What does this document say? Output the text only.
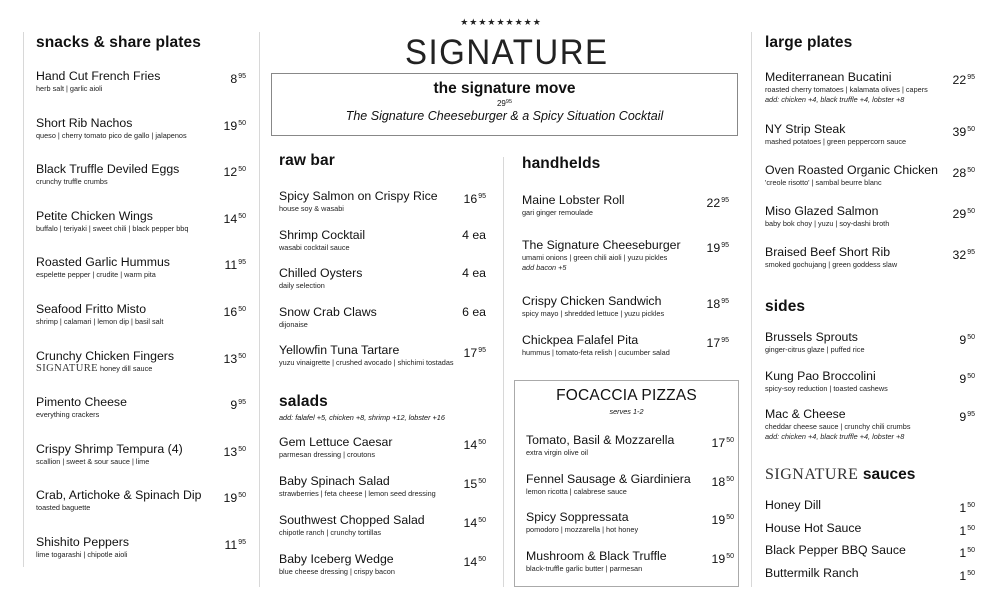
snacks & share plates
Hand Cut French Fries
herb salt | garlic aioli
$8^{95}$
Short Rib Nachos
queso | cherry tomato pico de gallo | jalapenos
$19^{50}$
Black Truffle Deviled Eggs
crunchy truffle crumbs
$12^{50}$
Petite Chicken Wings
buffalo | teriyaki | sweet chili | black pepper bbq
$14^{50}$
Roasted Garlic Hummus
espelette pepper | crudite | warm pita
$11^{95}$
Seafood Fritto Misto
shrimp | calamari | lemon dip | basil salt
$16^{50}$
Crunchy Chicken Fingers
SIGNATURE honey dill sauce
$13^{50}$
Pimento Cheese
everything crackers
$9^{95}$
Crispy Shrimp Tempura (4)
scallion | sweet & sour sauce | lime
$13^{50}$
Crab, Artichoke & Spinach Dip
toasted baguette
$19^{50}$
Shishito Peppers
lime togarashi | chipotle aioli
$11^{95}$
★★★★★★★★★
SIGNATURE
the signature move
$29^{95}$
The Signature Cheeseburger & a Spicy Situation Cocktail
raw bar
Spicy Salmon on Crispy Rice
house soy & wasabi
$16^{95}$
Shrimp Cocktail
wasabi cocktail sauce
4 ea
Chilled Oysters
daily selection
4 ea
Snow Crab Claws
dijonaise
6 ea
Yellowfin Tuna Tartare
yuzu vinaigrette | crushed avocado | shichimi tostadas
$17^{95}$
salads
add: falafel +5, chicken +8, shrimp +12, lobster +16
Gem Lettuce Caesar
parmesan dressing | croutons
$14^{50}$
Baby Spinach Salad
strawberries | feta cheese | lemon seed dressing
$15^{50}$
Southwest Chopped Salad
chipotle ranch | crunchy tortillas
$14^{50}$
Baby Iceberg Wedge
blue cheese dressing | crispy bacon
$14^{50}$
handhelds
Maine Lobster Roll
gari ginger remoulade
$22^{95}$
The Signature Cheeseburger
umami onions | green chili aioli | yuzu pickles
add bacon +5
$19^{95}$
Crispy Chicken Sandwich
spicy mayo | shredded lettuce | yuzu pickles
$18^{95}$
Chickpea Falafel Pita
hummus | tomato-feta relish | cucumber salad
$17^{95}$
FOCACCIA PIZZAS
serves 1-2
Tomato, Basil & Mozzarella
extra virgin olive oil
$17^{50}$
Fennel Sausage & Giardiniera
lemon ricotta | calabrese sauce
$18^{50}$
Spicy Soppressata
pomodoro | mozzarella | hot honey
$19^{50}$
Mushroom & Black Truffle
black-truffle garlic butter | parmesan
$19^{50}$
large plates
Mediterranean Bucatini
roasted cherry tomatoes | kalamata olives | capers
add: chicken +4, black truffle +4, lobster +8
$22^{95}$
NY Strip Steak
mashed potatoes | green peppercorn sauce
$39^{50}$
Oven Roasted Organic Chicken
'creole risotto' | sambal beurre blanc
$28^{50}$
Miso Glazed Salmon
baby bok choy | yuzu | soy-dashi broth
$29^{50}$
Braised Beef Short Rib
smoked gochujang | green goddess slaw
$32^{95}$
sides
Brussels Sprouts
ginger-citrus glaze | puffed rice
$9^{50}$
Kung Pao Broccolini
spicy-soy reduction | toasted cashews
$9^{50}$
Mac & Cheese
cheddar cheese sauce | crunchy chili crumbs
add: chicken +4, black truffle +4, lobster +8
$9^{95}$
SIGNATURE sauces
Honey Dill	$1^{50}$
House Hot Sauce	$1^{50}$
Black Pepper BBQ Sauce	$1^{50}$
Buttermilk Ranch	$1^{50}$
